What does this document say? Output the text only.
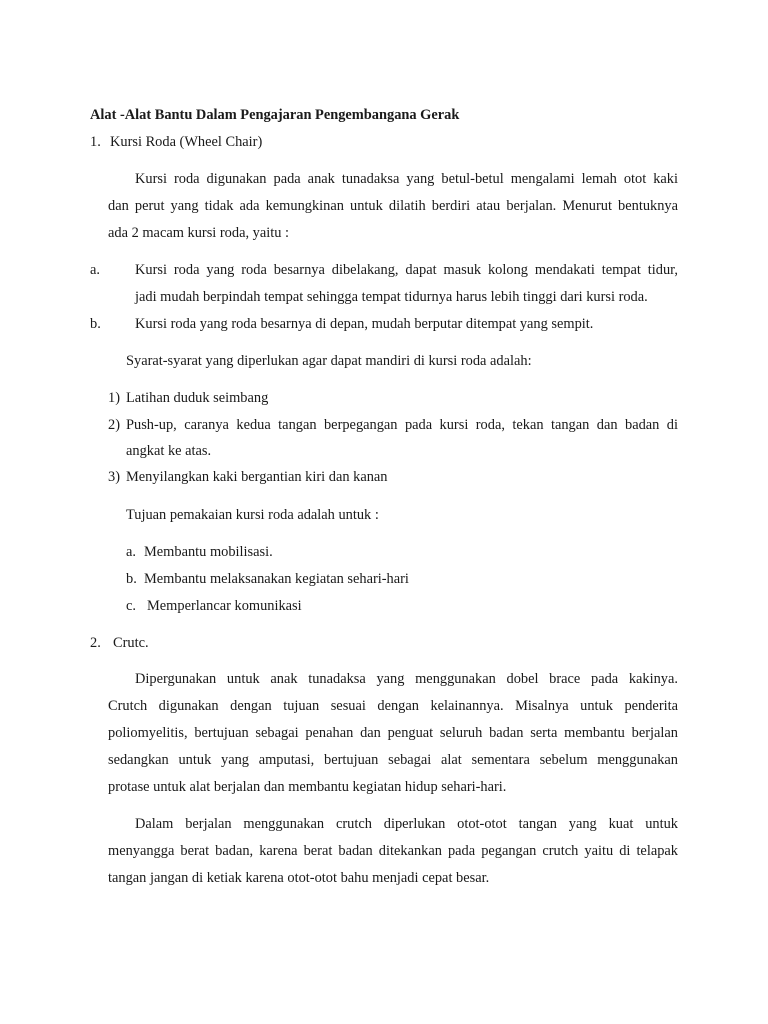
Alat -Alat Bantu Dalam Pengajaran Pengembangana Gerak
1. Kursi Roda (Wheel Chair)
Kursi roda digunakan pada anak tunadaksa yang betul-betul mengalami lemah otot kaki
dan perut yang tidak ada kemungkinan untuk dilatih berdiri atau berjalan. Menurut bentuknya
ada 2 macam kursi roda, yaitu :
a. Kursi roda yang roda besarnya dibelakang, dapat masuk kolong mendakati tempat tidur,
jadi mudah berpindah tempat sehingga tempat tidurnya harus lebih tinggi dari kursi roda.
b. Kursi roda yang roda besarnya di depan, mudah berputar ditempat yang sempit.
Syarat-syarat yang diperlukan agar dapat mandiri di kursi roda adalah:
1) Latihan duduk seimbang
2) Push-up, caranya kedua tangan berpegangan pada kursi roda, tekan tangan dan badan di
angkat ke atas.
3) Menyilangkan kaki bergantian kiri dan kanan
Tujuan pemakaian kursi roda adalah untuk :
a. Membantu mobilisasi.
b. Membantu melaksanakan kegiatan sehari-hari
c. Memperlancar komunikasi
2. Crutc.
Dipergunakan untuk anak tunadaksa yang menggunakan dobel brace pada kakinya.
Crutch digunakan dengan tujuan sesuai dengan kelainannya. Misalnya untuk penderita
poliomyelitis, bertujuan sebagai penahan dan penguat seluruh badan serta membantu berjalan
sedangkan untuk yang amputasi, bertujuan sebagai alat sementara sebelum menggunakan
protase untuk alat berjalan dan membantu kegiatan hidup sehari-hari.
Dalam berjalan menggunakan crutch diperlukan otot-otot tangan yang kuat untuk
menyangga berat badan, karena berat badan ditekankan pada pegangan crutch yaitu di telapak
tangan jangan di ketiak karena otot-otot bahu menjadi cepat besar.
